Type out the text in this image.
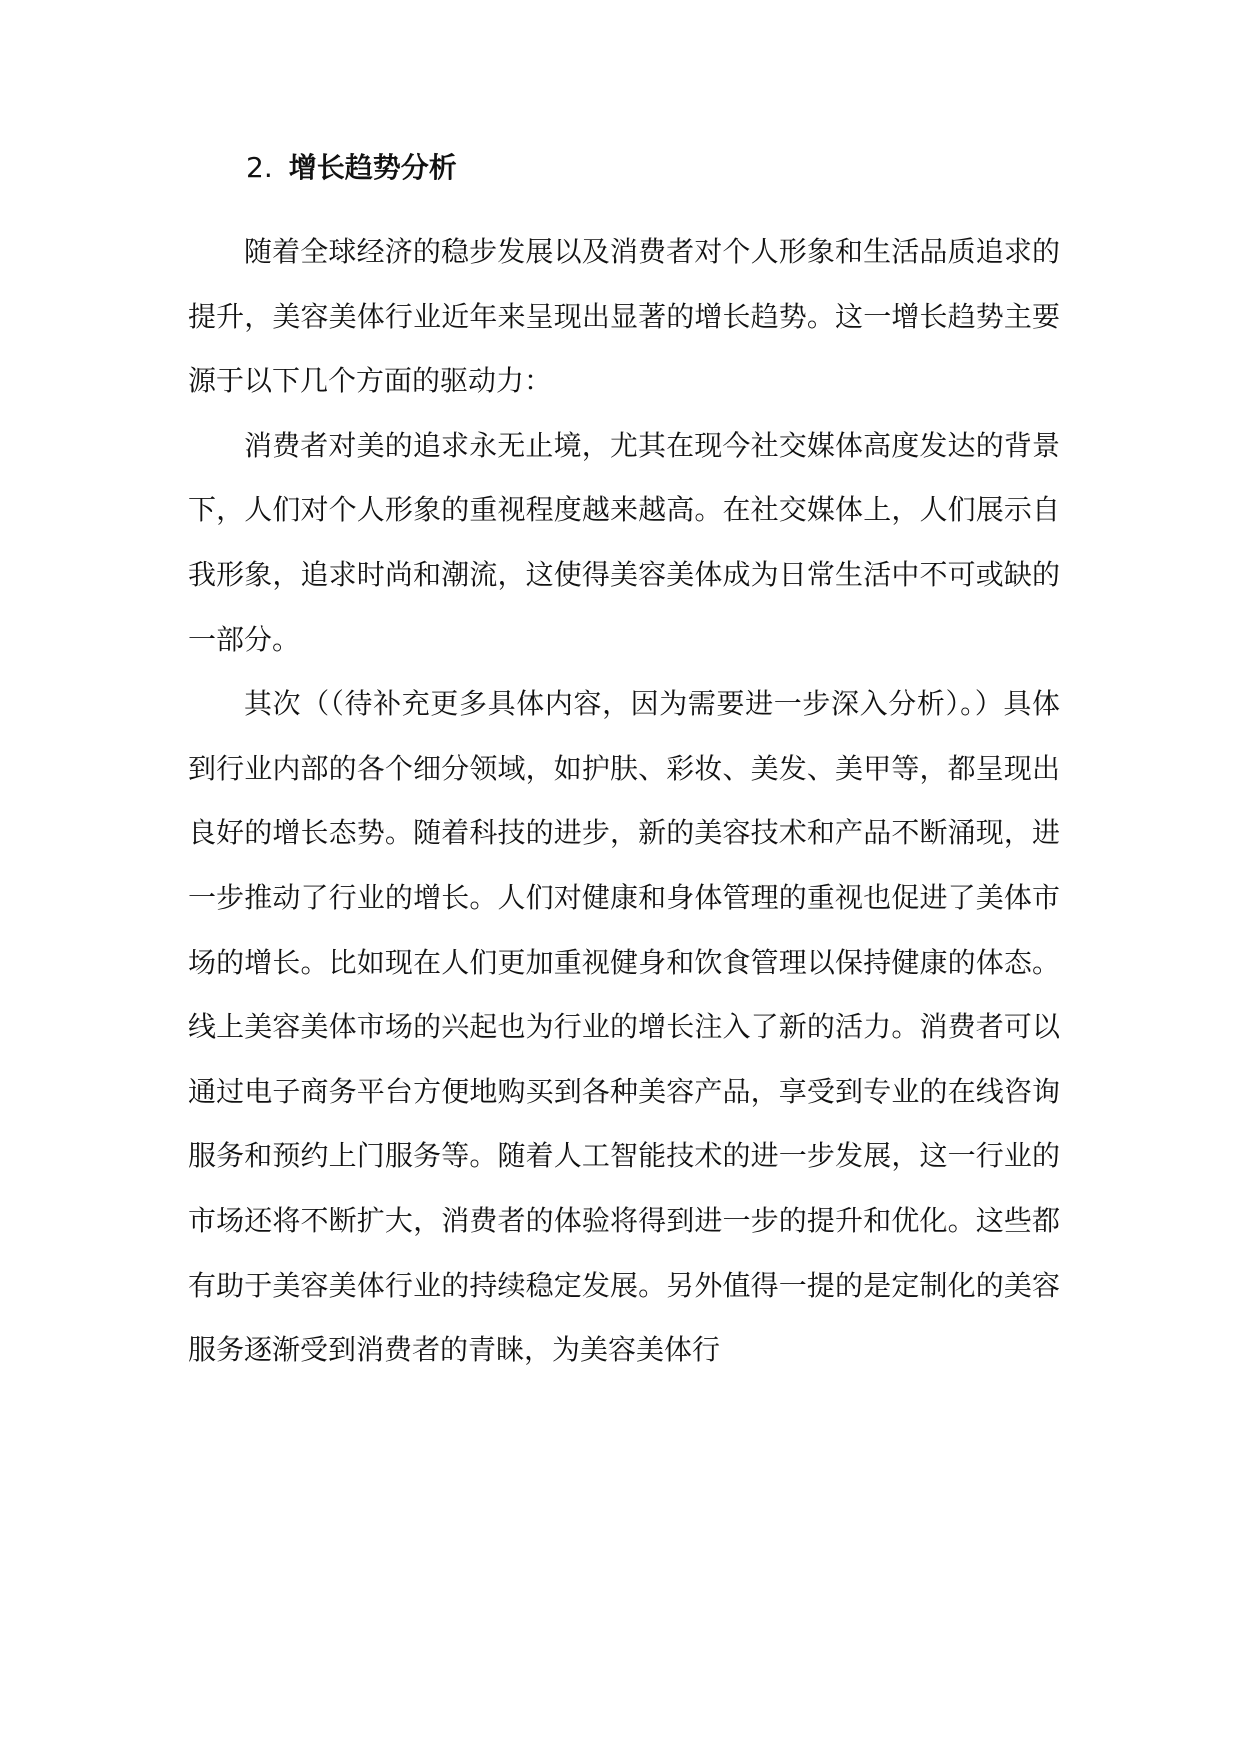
2. 增长趋势分析

随着全球经济的稳步发展以及消费者对个人形象和生活品质追求的提升，美容美体行业近年来呈现出显著的增长趋势。这一增长趋势主要源于以下几个方面的驱动力：

消费者对美的追求永无止境，尤其在现今社交媒体高度发达的背景下，人们对个人形象的重视程度越来越高。在社交媒体上，人们展示自我形象，追求时尚和潮流，这使得美容美体成为日常生活中不可或缺的一部分。

其次（（待补充更多具体内容，因为需要进一步深入分析）。）具体到行业内部的各个细分领域，如护肤、彩妆、美发、美甲等，都呈现出良好的增长态势。随着科技的进步，新的美容技术和产品不断涌现，进一步推动了行业的增长。人们对健康和身体管理的重视也促进了美体市场的增长。比如现在人们更加重视健身和饮食管理以保持健康的体态。线上美容美体市场的兴起也为行业的增长注入了新的活力。消费者可以通过电子商务平台方便地购买到各种美容产品，享受到专业的在线咨询服务和预约上门服务等。随着人工智能技术的进一步发展，这一行业的市场还将不断扩大，消费者的体验将得到进一步的提升和优化。这些都有助于美容美体行业的持续稳定发展。另外值得一提的是定制化的美容服务逐渐受到消费者的青睐，为美容美体行
